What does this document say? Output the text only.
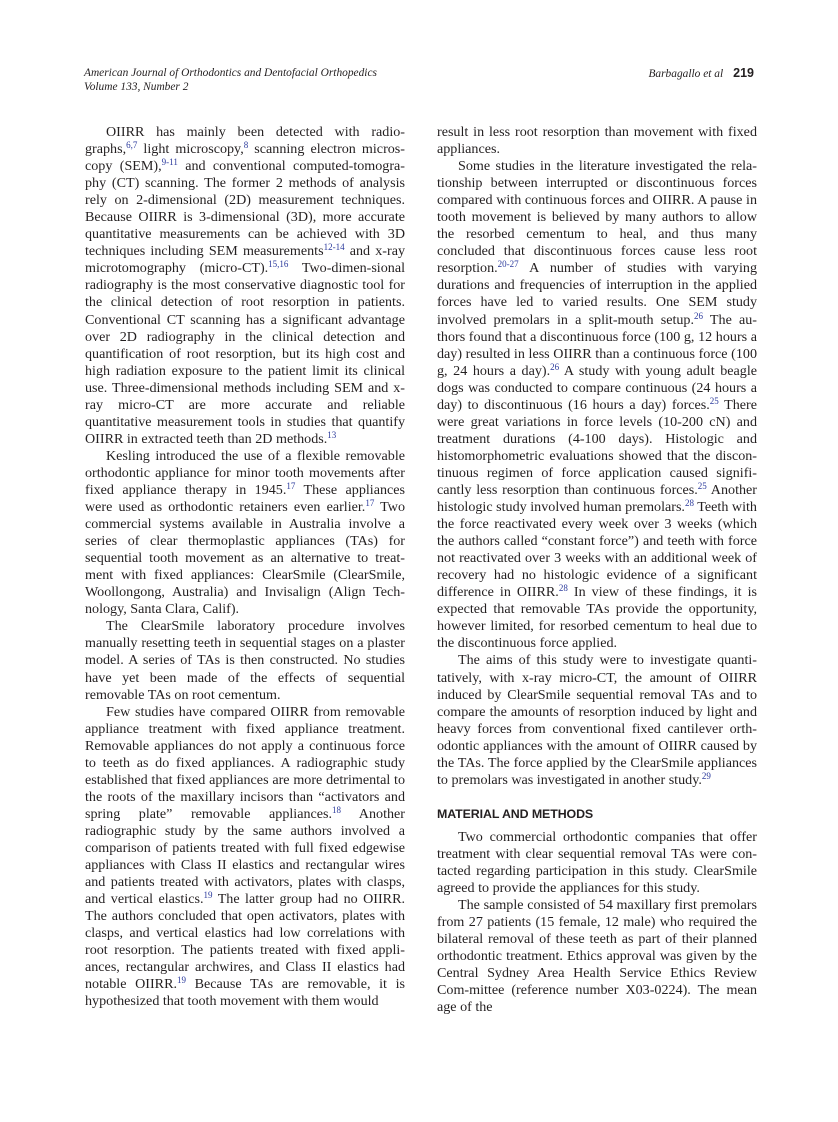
American Journal of Orthodontics and Dentofacial Orthopedics
Volume 133, Number 2
Barbagallo et al 219

OIIRR has mainly been detected with radio-graphs,$^{6,7}$ light microscopy,$^8$ scanning electron micros-copy (SEM),$^{9-11}$ and conventional computed-tomogra-phy (CT) scanning. The former 2 methods of analysis rely on 2-dimensional (2D) measurement techniques. Because OIIRR is 3-dimensional (3D), more accurate quantitative measurements can be achieved with 3D techniques including SEM measurements$^{12-14}$ and x-ray microtomography (micro-CT).$^{15,16}$ Two-dimen-sional radiography is the most conservative diagnostic tool for the clinical detection of root resorption in patients. Conventional CT scanning has a significant advantage over 2D radiography in the clinical detection and quantification of root resorption, but its high cost and high radiation exposure to the patient limit its clinical use. Three-dimensional methods including SEM and x-ray micro-CT are more accurate and reliable quantitative measurement tools in studies that quantify OIIRR in extracted teeth than 2D methods.$^{13}$

Kesling introduced the use of a flexible removable orthodontic appliance for minor tooth movements after fixed appliance therapy in 1945.17 These appliances were used as orthodontic retainers even earlier.$^{17}$ Two commercial systems available in Australia involve a series of clear thermoplastic appliances (TAs) for sequential tooth movement as an alternative to treat-ment with fixed appliances: ClearSmile (ClearSmile, Woollongong, Australia) and Invisalign (Align Tech-nology, Santa Clara, Calif).

The ClearSmile laboratory procedure involves manually resetting teeth in sequential stages on a plaster model. A series of TAs is then constructed. No studies have yet been made of the effects of sequential removable TAs on root cementum.

Few studies have compared OIIRR from removable appliance treatment with fixed appliance treatment. Removable appliances do not apply a continuous force to teeth as do fixed appliances. A radiographic study established that fixed appliances are more detrimental to the roots of the maxillary incisors than “activators and spring plate” removable appliances.$^{18}$ Another radiographic study by the same authors involved a comparison of patients treated with full fixed edgewise appliances with Class II elastics and rectangular wires and patients treated with activators, plates with clasps, and vertical elastics.$^{19}$ The latter group had no OIIRR. The authors concluded that open activators, plates with clasps, and vertical elastics had low correlations with root resorption. The patients treated with fixed appli-ances, rectangular archwires, and Class II elastics had notable OIIRR.$^{19}$ Because TAs are removable, it is hypothesized that tooth movement with them would

result in less root resorption than movement with fixed appliances.

Some studies in the literature investigated the rela-tionship between interrupted or discontinuous forces compared with continuous forces and OIIRR. A pause in tooth movement is believed by many authors to allow the resorbed cementum to heal, and thus many concluded that discontinuous forces cause less root resorption.$^{20-27}$ A number of studies with varying durations and frequencies of interruption in the applied forces have led to varied results. One SEM study involved premolars in a split-mouth setup.$^{26}$ The au-thors found that a discontinuous force (100 g, 12 hours a day) resulted in less OIIRR than a continuous force (100 g, 24 hours a day).$^{26}$ A study with young adult beagle dogs was conducted to compare continuous (24 hours a day) to discontinuous (16 hours a day) forces.$^{25}$ There were great variations in force levels (10-200 cN) and treatment durations (4-100 days). Histologic and histomorphometric evaluations showed that the discon-tinuous regimen of force application caused signifi-cantly less resorption than continuous forces.$^{25}$ Another histologic study involved human premolars.$^{28}$ Teeth with the force reactivated every week over 3 weeks (which the authors called “constant force”) and teeth with force not reactivated over 3 weeks with an additional week of recovery had no histologic evidence of a significant difference in OIIRR.$^{28}$ In view of these findings, it is expected that removable TAs provide the opportunity, however limited, for resorbed cementum to heal due to the discontinuous force applied.

The aims of this study were to investigate quanti-tatively, with x-ray micro-CT, the amount of OIIRR induced by ClearSmile sequential removal TAs and to compare the amounts of resorption induced by light and heavy forces from conventional fixed cantilever orth-odontic appliances with the amount of OIIRR caused by the TAs. The force applied by the ClearSmile appliances to premolars was investigated in another study.$^{29}$

MATERIAL AND METHODS

Two commercial orthodontic companies that offer treatment with clear sequential removal TAs were con-tacted regarding participation in this study. ClearSmile agreed to provide the appliances for this study.

The sample consisted of 54 maxillary first premolars from 27 patients (15 female, 12 male) who required the bilateral removal of these teeth as part of their planned orthodontic treatment. Ethics approval was given by the Central Sydney Area Health Service Ethics Review Com-mittee (reference number X03-0224). The mean age of the
